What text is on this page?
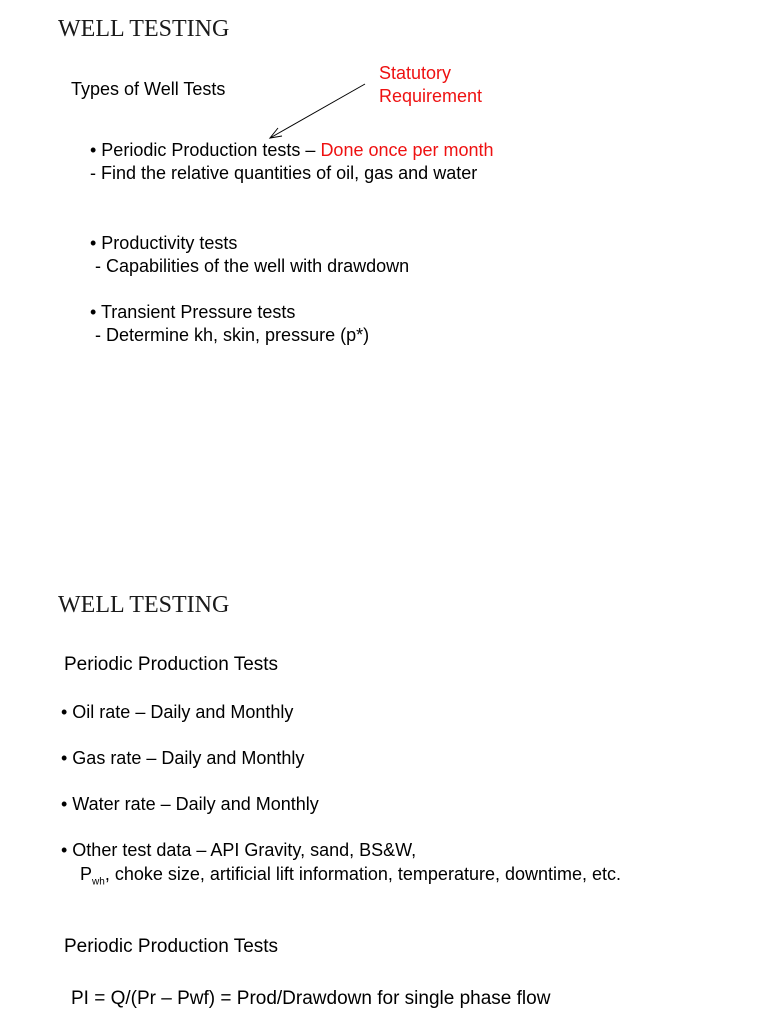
WELL TESTING
Types of Well Tests
Statutory
Requirement
• Periodic Production tests – Done once per month
- Find the relative quantities of oil, gas and water
• Productivity tests
- Capabilities of the well with drawdown
• Transient Pressure tests
- Determine kh, skin, pressure (p*)
WELL TESTING
Periodic Production Tests
• Oil rate – Daily and Monthly
• Gas rate – Daily and Monthly
• Water rate – Daily and Monthly
• Other test data – API Gravity, sand, BS&W,
$P_{wh}$, choke size, artificial lift information, temperature, downtime, etc.
Periodic Production Tests
PI = Q/(Pr – Pwf) = Prod/Drawdown for single phase flow
